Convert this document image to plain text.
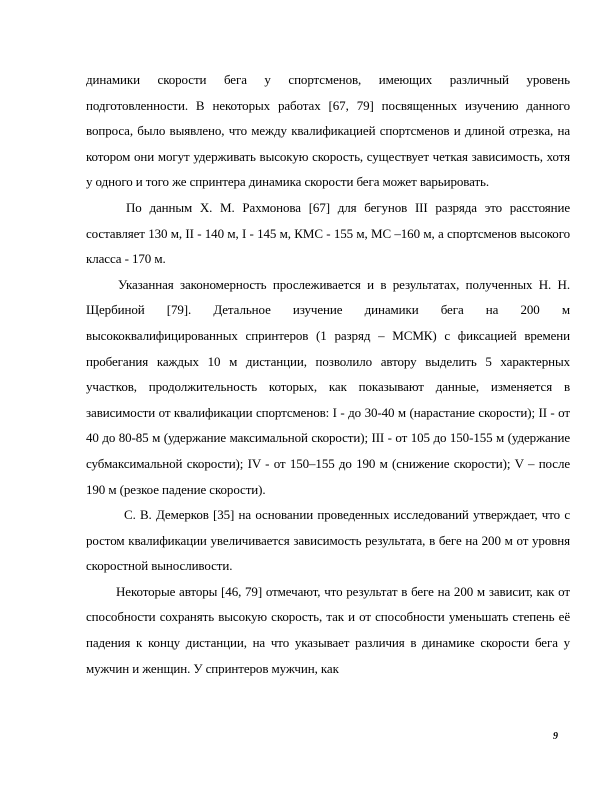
динамики скорости бега у спортсменов, имеющих различный уровень подготовленности. В некоторых работах [67, 79] посвященных изучению данного вопроса, было выявлено, что между квалификацией спортсменов и длиной отрезка, на котором они могут удерживать высокую скорость, существует четкая зависимость, хотя у одного и того же спринтера динамика скорости бега может варьировать.

По данным Х. М. Рахмонова [67] для бегунов III разряда это расстояние составляет 130 м, II - 140 м, I - 145 м, КМС - 155 м, МС –160 м, а спортсменов высокого класса - 170 м.

Указанная закономерность прослеживается и в результатах, полученных Н. Н. Щербиной [79]. Детальное изучение динамики бега на 200 м высококвалифицированных спринтеров (1 разряд – МСМК) с фиксацией времени пробегания каждых 10 м дистанции, позволило автору выделить 5 характерных участков, продолжительность которых, как показывают данные, изменяется в зависимости от квалификации спортсменов: I - до 30-40 м (нарастание скорости); II - от 40 до 80-85 м (удержание максимальной скорости); III - от 105 до 150-155 м (удержание субмаксимальной скорости); IV - от 150–155 до 190 м (снижение скорости); V – после 190 м (резкое падение скорости).

С. В. Демерков [35] на основании проведенных исследований утверждает, что с ростом квалификации увеличивается зависимость результата, в беге на 200 м от уровня скоростной выносливости.

Некоторые авторы [46, 79] отмечают, что результат в беге на 200 м зависит, как от способности сохранять высокую скорость, так и от способности уменьшать степень её падения к концу дистанции, на что указывает различия в динамике скорости бега у мужчин и женщин. У спринтеров мужчин, как

9
